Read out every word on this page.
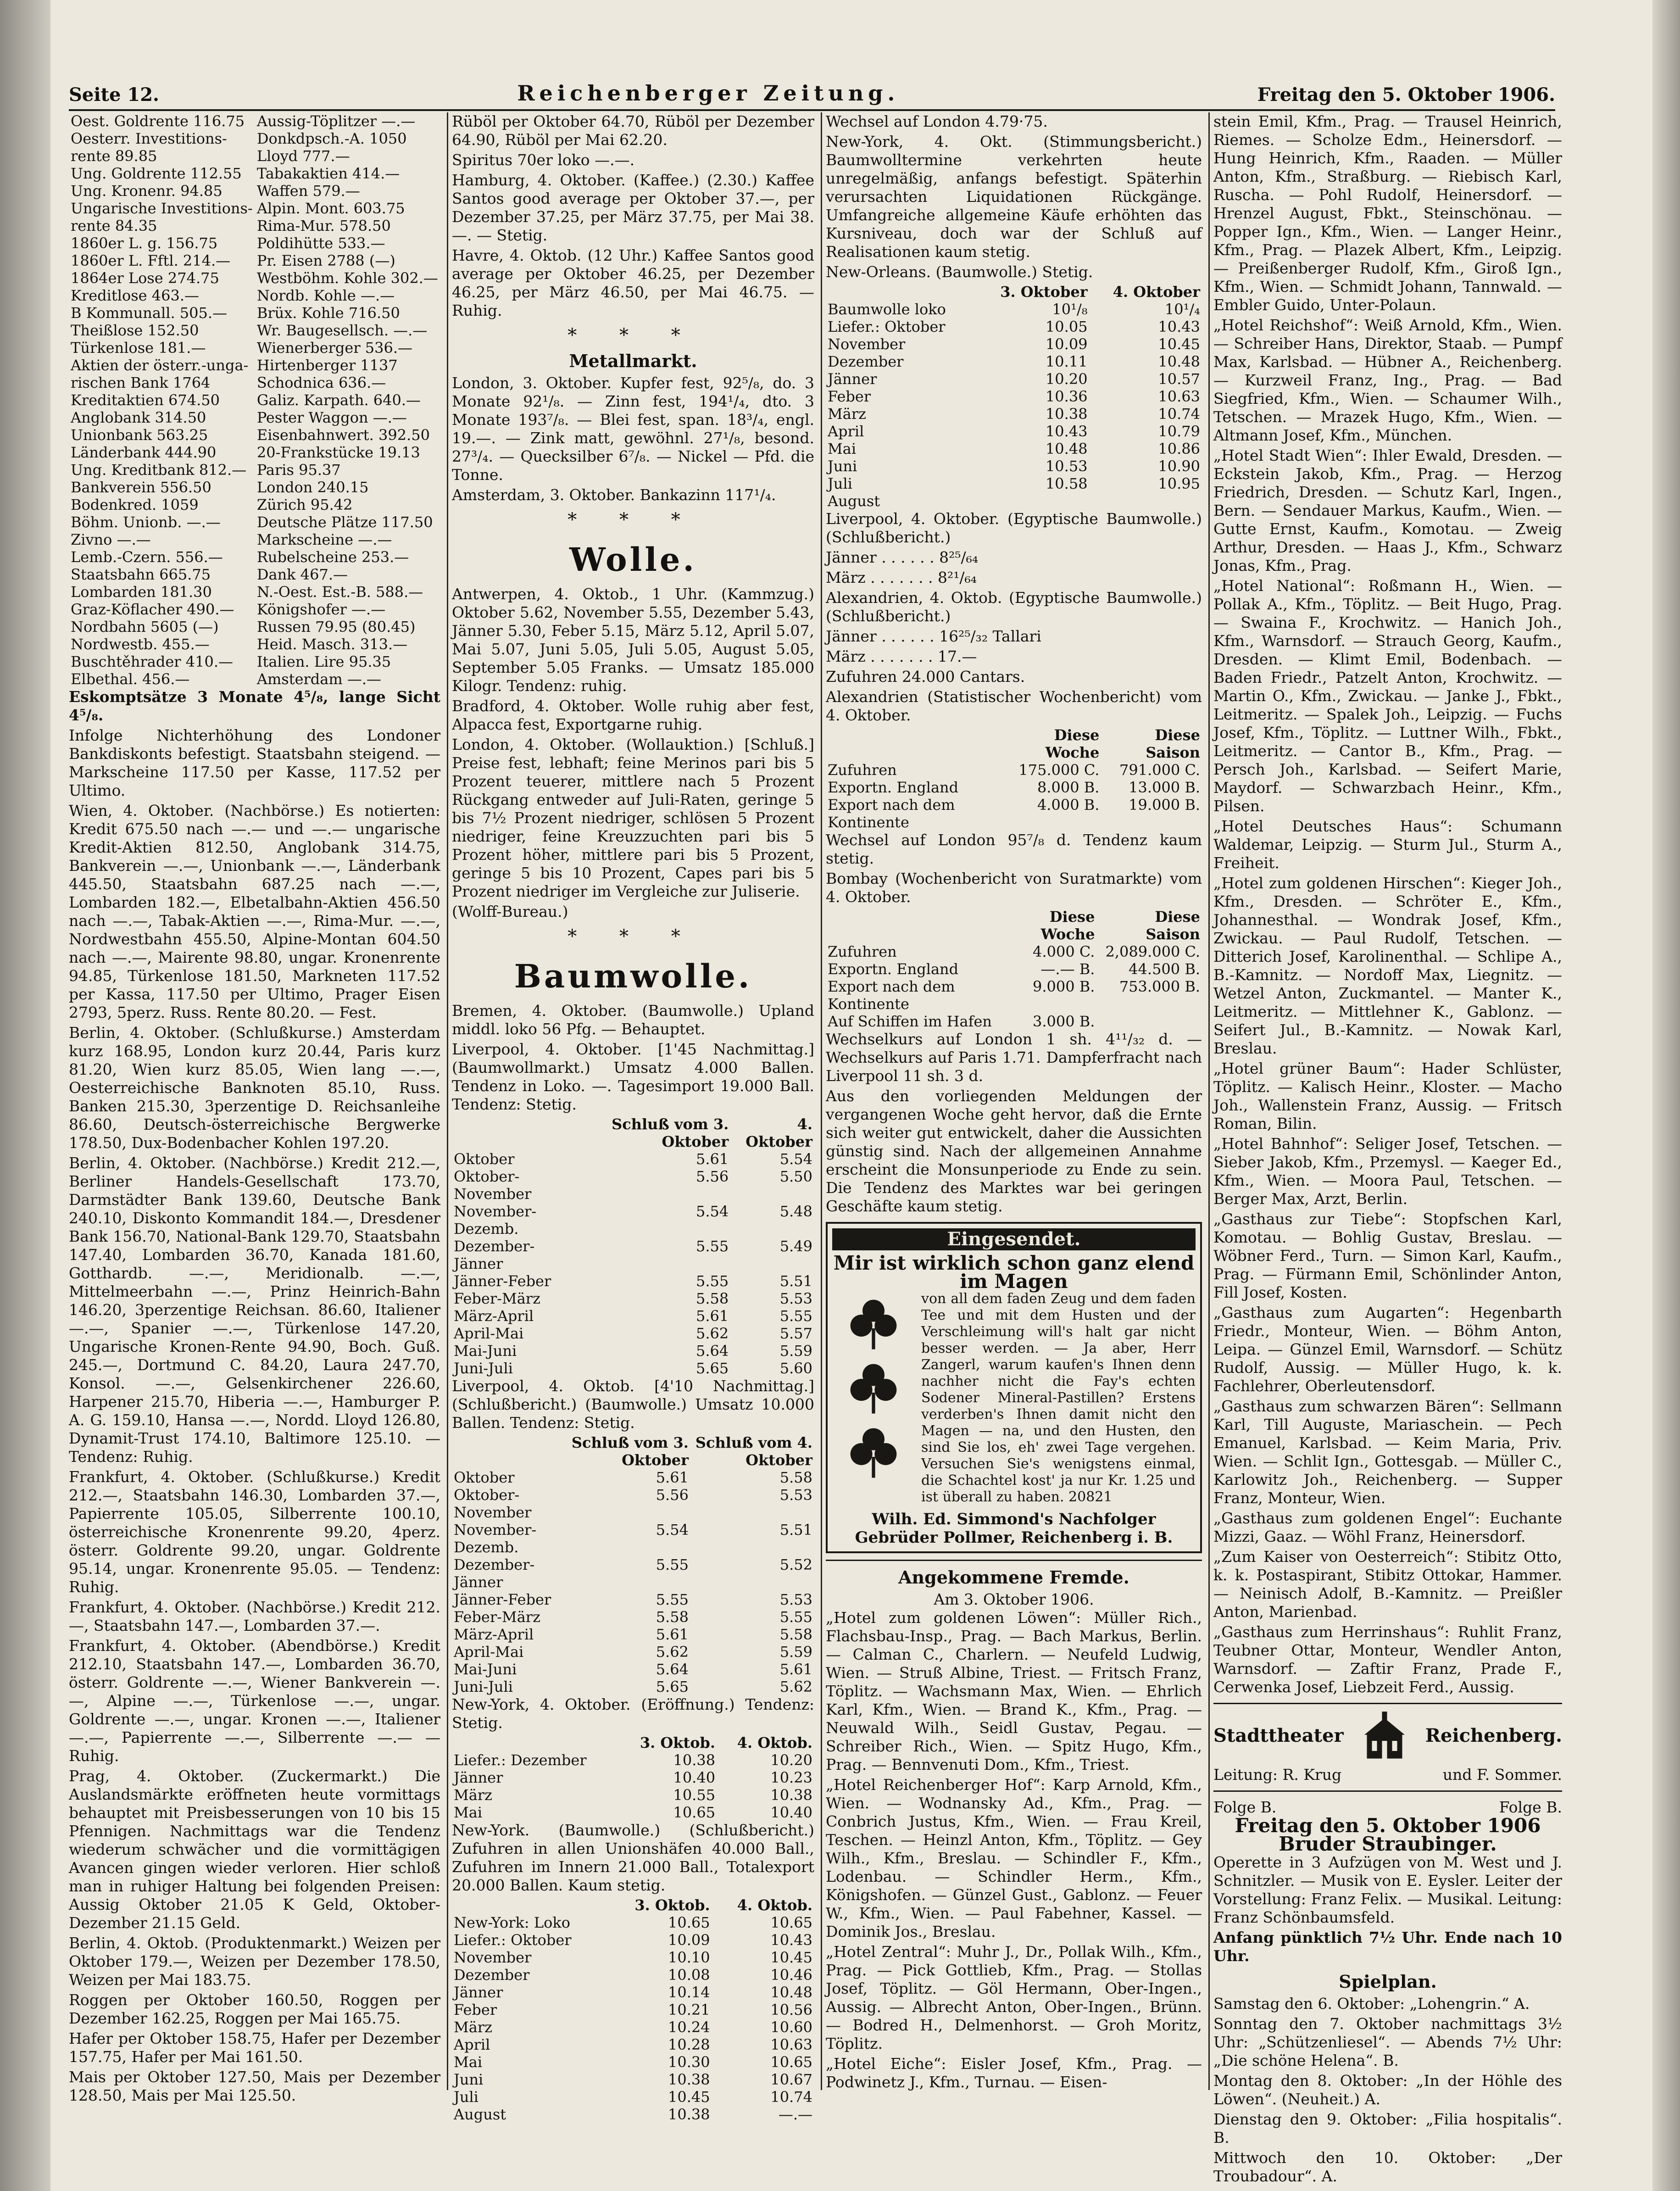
Seite 12.	Reichenberger Zeitung.	Freitag den 5. Oktober 1906.
Oest. Goldrente 116.75	Aussig-Töplitzer —.—
Oesterr. Investitions-	Donkdpsch.-A. 1050
rente 89.85	Lloyd 777.—
Ung. Goldrente 112.55	Tabakaktien 414.—
Ung. Kronenr. 94.85	Waffen 579.—
Ungarische Investitions-	Alpin. Mont. 603.75
rente 84.35	Rima-Mur. 578.50
1860er L. g. 156.75	Poldihütte 533.—
1860er L. Fftl. 214.—	Pr. Eisen 2788 (—)
1864er Lose 274.75	Westböhm. Kohle 302.—
Kreditlose 463.—	Nordb. Kohle —.—
B Kommunall. 505.—	Brüx. Kohle 716.50
Theißlose 152.50	Wr. Baugesellsch. —.—
Türkenlose 181.—	Wienerberger 536.—
Aktien der österr.-unga-	Hirtenberger 1137
rischen Bank 1764	Schodnica 636.—
Kreditaktien 674.50	Galiz. Karpath. 640.—
Anglobank 314.50	Pester Waggon —.—
Unionbank 563.25	Eisenbahnwert. 392.50
Länderbank 444.90	20-Frankstücke 19.13
Ung. Kreditbank 812.—	Paris 95.37
Bankverein 556.50	London 240.15
Bodenkred. 1059	Zürich 95.42
Böhm. Unionb. —.—	Deutsche Plätze 117.50
Zivno —.—	Markscheine —.—
Lemb.-Czern. 556.—	Rubelscheine 253.—
Staatsbahn 665.75	Dank 467.—
Lombarden 181.30	N.-Oest. Est.-B. 588.—
Graz-Köflacher 490.—	Königshofer —.—
Nordbahn 5605 (—)	Russen 79.95 (80.45)
Nordwestb. 455.—	Heid. Masch. 313.—
Buschtěhrader 410.—	Italien. Lire 95.35
Elbethal. 456.—	Amsterdam —.—

Eskomptsätze 3 Monate 4⁵/₈, lange Sicht 4⁵/₈.

Infolge Nichterhöhung des Londoner Bankdiskonts befestigt. Staatsbahn steigend. — Markscheine 117.50 per Kasse, 117.52 per Ultimo.

Wien, 4. Oktober. (Nachbörse.) Es notierten: Kredit 675.50 nach —.— und —.— ungarische Kredit-Aktien 812.50, Anglobank 314.75, Bankverein —.—, Unionbank —.—, Länderbank 445.50, Staatsbahn 687.25 nach —.—, Lombarden 182.—, Elbetalbahn-Aktien 456.50 nach —.—, Tabak-Aktien —.—, Rima-Mur. —.—, Nordwestbahn 455.50, Alpine-Montan 604.50 nach —.—, Mairente 98.80, ungar. Kronenrente 94.85, Türkenlose 181.50, Markneten 117.52 per Kassa, 117.50 per Ultimo, Prager Eisen 2793, 5perz. Russ. Rente 80.20. — Fest.

Berlin, 4. Oktober. (Schlußkurse.) Amsterdam kurz 168.95, London kurz 20.44, Paris kurz 81.20, Wien kurz 85.05, Wien lang —.—, Oesterreichische Banknoten 85.10, Russ. Banken 215.30, 3perzentige D. Reichsanleihe 86.60, Deutsch-österreichische Bergwerke 178.50, Dux-Bodenbacher Kohlen 197.20.

Berlin, 4. Oktober. (Nachbörse.) Kredit 212.—, Berliner Handels-Gesellschaft 173.70, Darmstädter Bank 139.60, Deutsche Bank 240.10, Diskonto Kommandit 184.—, Dresdener Bank 156.70, National-Bank 129.70, Staatsbahn 147.40, Lombarden 36.70, Kanada 181.60, Gotthardb. —.—, Meridionalb. —.—, Mittelmeerbahn —.—, Prinz Heinrich-Bahn 146.20, 3perzentige Reichsan. 86.60, Italiener —.—, Spanier —.—, Türkenlose 147.20, Ungarische Kronen-Rente 94.90, Boch. Guß. 245.—, Dortmund C. 84.20, Laura 247.70, Konsol. —.—, Gelsenkirchener 226.60, Harpener 215.70, Hiberia —.—, Hamburger P. A. G. 159.10, Hansa —.—, Nordd. Lloyd 126.80, Dynamit-Trust 174.10, Baltimore 125.10. — Tendenz: Ruhig.

Frankfurt, 4. Oktober. (Schlußkurse.) Kredit 212.—, Staatsbahn 146.30, Lombarden 37.—, Papierrente 105.05, Silberrente 100.10, österreichische Kronenrente 99.20, 4perz. österr. Goldrente 99.20, ungar. Goldrente 95.14, ungar. Kronenrente 95.05. — Tendenz: Ruhig.

Frankfurt, 4. Oktober. (Nachbörse.) Kredit 212.—, Staatsbahn 147.—, Lombarden 37.—.

Frankfurt, 4. Oktober. (Abendbörse.) Kredit 212.10, Staatsbahn 147.—, Lombarden 36.70, österr. Goldrente —.—, Wiener Bankverein —.—, Alpine —.—, Türkenlose —.—, ungar. Goldrente —.—, ungar. Kronen —.—, Italiener —.—, Papierrente —.—, Silberrente —.— — Ruhig.

Prag, 4. Oktober. (Zuckermarkt.) Die Auslandsmärkte eröffneten heute vormittags behauptet mit Preisbesserungen von 10 bis 15 Pfennigen. Nachmittags war die Tendenz wiederum schwächer und die vormittägigen Avancen gingen wieder verloren. Hier schloß man in ruhiger Haltung bei folgenden Preisen: Aussig Oktober 21.05 K Geld, Oktober-Dezember 21.15 Geld.

Berlin, 4. Oktob. (Produktenmarkt.) Weizen per Oktober 179.—, Weizen per Dezember 178.50, Weizen per Mai 183.75.

Roggen per Oktober 160.50, Roggen per Dezember 162.25, Roggen per Mai 165.75.

Hafer per Oktober 158.75, Hafer per Dezember 157.75, Hafer per Mai 161.50.

Mais per Oktober 127.50, Mais per Dezember 128.50, Mais per Mai 125.50.

Rüböl per Oktober 64.70, Rüböl per Dezember 64.90, Rüböl per Mai 62.20.

Spiritus 70er loko —.—.

Hamburg, 4. Oktober. (Kaffee.) (2.30.) Kaffee Santos good average per Oktober 37.—, per Dezember 37.25, per März 37.75, per Mai 38.—. — Stetig.

Havre, 4. Oktob. (12 Uhr.) Kaffee Santos good average per Oktober 46.25, per Dezember 46.25, per März 46.50, per Mai 46.75. — Ruhig.

* * *
Metallmarkt.

London, 3. Oktober. Kupfer fest, 92⁵/₈, do. 3 Monate 92¹/₈. — Zinn fest, 194¹/₄, dto. 3 Monate 193⁷/₈. — Blei fest, span. 18³/₄, engl. 19.—. — Zink matt, gewöhnl. 27¹/₈, besond. 27³/₄. — Quecksilber 6⁷/₈. — Nickel — Pfd. die Tonne.

Amsterdam, 3. Oktober. Bankazinn 117¹/₄.

* * *
Wolle.

Antwerpen, 4. Oktob., 1 Uhr. (Kammzug.) Oktober 5.62, November 5.55, Dezember 5.43, Jänner 5.30, Feber 5.15, März 5.12, April 5.07, Mai 5.07, Juni 5.05, Juli 5.05, August 5.05, September 5.05 Franks. — Umsatz 185.000 Kilogr. Tendenz: ruhig.

Bradford, 4. Oktober. Wolle ruhig aber fest, Alpacca fest, Exportgarne ruhig.

London, 4. Oktober. (Wollauktion.) [Schluß.] Preise fest, lebhaft; feine Merinos pari bis 5 Prozent teuerer, mittlere nach 5 Prozent Rückgang entweder auf Juli-Raten, geringe 5 bis 7½ Prozent niedriger, schlösen 5 Prozent niedriger, feine Kreuzzuchten pari bis 5 Prozent höher, mittlere pari bis 5 Prozent, geringe 5 bis 10 Prozent, Capes pari bis 5 Prozent niedriger im Vergleiche zur Juliserie.

(Wolff-Bureau.)

* * *
Baumwolle.

Bremen, 4. Oktober. (Baumwolle.) Upland middl. loko 56 Pfg. — Behauptet.

Liverpool, 4. Oktober. [1'45 Nachmittag.] (Baumwollmarkt.) Umsatz 4.000 Ballen. Tendenz in Loko. —. Tagesimport 19.000 Ball. Tendenz: Stetig.

	Schluß vom 3. Oktober	4. Oktober
Oktober	5.61	5.54
Oktober-November	5.56	5.50
November-Dezemb.	5.54	5.48
Dezember-Jänner	5.55	5.49
Jänner-Feber	5.55	5.51
Feber-März	5.58	5.53
März-April	5.61	5.55
April-Mai	5.62	5.57
Mai-Juni	5.64	5.59
Juni-Juli	5.65	5.60

Liverpool, 4. Oktob. [4'10 Nachmittag.] (Schlußbericht.) (Baumwolle.) Umsatz 10.000 Ballen. Tendenz: Stetig.

	Schluß vom 3. Oktober	Schluß vom 4. Oktober
Oktober	5.61	5.58
Oktober-November	5.56	5.53
November-Dezemb.	5.54	5.51
Dezember-Jänner	5.55	5.52
Jänner-Feber	5.55	5.53
Feber-März	5.58	5.55
März-April	5.61	5.58
April-Mai	5.62	5.59
Mai-Juni	5.64	5.61
Juni-Juli	5.65	5.62

New-York, 4. Oktober. (Eröffnung.) Tendenz: Stetig.

	3. Oktob.	4. Oktob.
Liefer.: Dezember	10.38	10.20
Jänner	10.40	10.23
März	10.55	10.38
Mai	10.65	10.40

New-York. (Baumwolle.) (Schlußbericht.) Zufuhren in allen Unionshäfen 40.000 Ball., Zufuhren im Innern 21.000 Ball., Totalexport 20.000 Ballen. Kaum stetig.

	3. Oktob.	4. Oktob.
New-York: Loko	10.65	10.65
Liefer.: Oktober	10.09	10.43
November	10.10	10.45
Dezember	10.08	10.46
Jänner	10.14	10.48
Feber	10.21	10.56
März	10.24	10.60
April	10.28	10.63
Mai	10.30	10.65
Juni	10.38	10.67
Juli	10.45	10.74
August	10.38	—.—

Wechsel auf London 4.79·75.

New-York, 4. Okt. (Stimmungsbericht.) Baumwollterminе verkehrten heute unregelmäßig, anfangs befestigt. Späterhin verursachten Liquidationen Rückgänge. Umfangreiche allgemeine Käufe erhöhten das Kursniveau, doch war der Schluß auf Realisationen kaum stetig.

New-Orleans. (Baumwolle.) Stetig.

	3. Oktober	4. Oktober
Baumwolle loko	10¹/₈	10¹/₄
Liefer.: Oktober	10.05	10.43
November	10.09	10.45
Dezember	10.11	10.48
Jänner	10.20	10.57
Feber	10.36	10.63
März	10.38	10.74
April	10.43	10.79
Mai	10.48	10.86
Juni	10.53	10.90
Juli	10.58	10.95
August		

Liverpool, 4. Oktober. (Egyptische Baumwolle.) (Schlußbericht.)

Jänner . . . . . . 8²⁵/₆₄

März . . . . . . . 8²¹/₆₄

Alexandrien, 4. Oktob. (Egyptische Baumwolle.) (Schlußbericht.)

Jänner . . . . . . 16²⁵/₃₂ Tallari

März . . . . . . . 17.—

Zufuhren 24.000 Cantars.

Alexandrien (Statistischer Wochenbericht) vom 4. Oktober.

	Diese Woche	Diese Saison
Zufuhren	175.000 C.	791.000 C.
Exportn. England	8.000 B.	13.000 B.
Export nach dem Kontinente	4.000 B.	19.000 B.

Wechsel auf London 95⁷/₈ d. Tendenz kaum stetig.

Bombay (Wochenbericht von Suratmarkte) vom 4. Oktober.

	Diese Woche	Diese Saison
Zufuhren	4.000 C.	2,089.000 C.
Exportn. England	—.— B.	44.500 B.
Export nach dem Kontinente	9.000 B.	753.000 B.
Auf Schiffen im Hafen	3.000 B.	

Wechselkurs auf London 1 sh. 4¹¹/₃₂ d. — Wechselkurs auf Paris 1.71. Dampferfracht nach Liverpool 11 sh. 3 d.

Aus den vorliegenden Meldungen der vergangenen Woche geht hervor, daß die Ernte sich weiter gut entwickelt, daher die Aussichten günstig sind. Nach der allgemeinen Annahme erscheint die Monsunperiode zu Ende zu sein. Die Tendenz des Marktes war bei geringen Geschäfte kaum stetig.

Eingesendet.
Mir ist wirklich schon ganz elend im Magen
von all dem faden Zeug und dem faden Tee und mit dem Husten und der Verschleimung will's halt gar nicht besser werden. — Ja aber, Herr Zangerl, warum kaufen's Ihnen denn nachher nicht die Fay's echten Sodener Mineral-Pastillen? Erstens verderben's Ihnen damit nicht den Magen — na, und den Husten, den sind Sie los, eh' zwei Tage vergehen. Versuchen Sie's wenigstens einmal, die Schachtel kost' ja nur Kr. 1.25 und ist überall zu haben. 20821
Wilh. Ed. Simmond's Nachfolger Gebrüder Pollmer, Reichenberg i. B.
Angekommene Fremde.
Am 3. Oktober 1906.

„Hotel zum goldenen Löwen“: Müller Rich., Flachsbau-Insp., Prag. — Bach Markus, Berlin. — Calman C., Charlern. — Neufeld Ludwig, Wien. — Struß Albine, Triest. — Fritsch Franz, Töplitz. — Wachsmann Max, Wien. — Ehrlich Karl, Kfm., Wien. — Brand K., Kfm., Prag. — Neuwald Wilh., Seidl Gustav, Pegau. — Schreiber Rich., Wien. — Spitz Hugo, Kfm., Prag. — Bennvenuti Dom., Kfm., Triest.

„Hotel Reichenberger Hof“: Karp Arnold, Kfm., Wien. — Wodnansky Ad., Kfm., Prag. — Conbrich Justus, Kfm., Wien. — Frau Kreil, Teschen. — Heinzl Anton, Kfm., Töplitz. — Gey Wilh., Kfm., Breslau. — Schindler F., Kfm., Lodenbau. — Schindler Herm., Kfm., Königshofen. — Günzel Gust., Gablonz. — Feuer W., Kfm., Wien. — Paul Fabehner, Kassel. — Dominik Jos., Breslau.

„Hotel Zentral“: Muhr J., Dr., Pollak Wilh., Kfm., Prag. — Pick Gottlieb, Kfm., Prag. — Stollas Josef, Töplitz. — Göl Hermann, Ober-Ingen., Aussig. — Albrecht Anton, Ober-Ingen., Brünn. — Bodred H., Delmenhorst. — Groh Moritz, Töplitz.

„Hotel Eiche“: Eisler Josef, Kfm., Prag. — Podwinetz J., Kfm., Turnau. — Eisen-

stein Emil, Kfm., Prag. — Trausel Heinrich, Riemes. — Scholze Edm., Heinersdorf. — Hung Heinrich, Kfm., Raaden. — Müller Anton, Kfm., Straßburg. — Riebisch Karl, Ruscha. — Pohl Rudolf, Heinersdorf. — Hrenzel August, Fbkt., Steinschönau. — Popper Ign., Kfm., Wien. — Langer Heinr., Kfm., Prag. — Plazek Albert, Kfm., Leipzig. — Preißenberger Rudolf, Kfm., Giroß Ign., Kfm., Wien. — Schmidt Johann, Tannwald. — Embler Guido, Unter-Polaun.

„Hotel Reichshof“: Weiß Arnold, Kfm., Wien. — Schreiber Hans, Direktor, Staab. — Pumpf Max, Karlsbad. — Hübner A., Reichenberg. — Kurzweil Franz, Ing., Prag. — Bad Siegfried, Kfm., Wien. — Schaumer Wilh., Tetschen. — Mrazek Hugo, Kfm., Wien. — Altmann Josef, Kfm., München.

„Hotel Stadt Wien“: Ihler Ewald, Dresden. — Eckstein Jakob, Kfm., Prag. — Herzog Friedrich, Dresden. — Schutz Karl, Ingen., Bern. — Sendauer Markus, Kaufm., Wien. — Gutte Ernst, Kaufm., Komotau. — Zweig Arthur, Dresden. — Haas J., Kfm., Schwarz Jonas, Kfm., Prag.

„Hotel National“: Roßmann H., Wien. — Pollak A., Kfm., Töplitz. — Beit Hugo, Prag. — Swaina F., Krochwitz. — Hanich Joh., Kfm., Warnsdorf. — Strauch Georg, Kaufm., Dresden. — Klimt Emil, Bodenbach. — Baden Friedr., Patzelt Anton, Krochwitz. — Martin O., Kfm., Zwickau. — Janke J., Fbkt., Leitmeritz. — Spalek Joh., Leipzig. — Fuchs Josef, Kfm., Töplitz. — Luttner Wilh., Fbkt., Leitmeritz. — Cantor B., Kfm., Prag. — Persch Joh., Karlsbad. — Seifert Marie, Maydorf. — Schwarzbach Heinr., Kfm., Pilsen.

„Hotel Deutsches Haus“: Schumann Waldemar, Leipzig. — Sturm Jul., Sturm A., Freiheit.

„Hotel zum goldenen Hirschen“: Kieger Joh., Kfm., Dresden. — Schröter E., Kfm., Johannesthal. — Wondrak Josef, Kfm., Zwickau. — Paul Rudolf, Tetschen. — Ditterich Josef, Karolinenthal. — Schlipe A., B.-Kamnitz. — Nordoff Max, Liegnitz. — Wetzel Anton, Zuckmantel. — Manter K., Leitmeritz. — Mittlehner K., Gablonz. — Seifert Jul., B.-Kamnitz. — Nowak Karl, Breslau.

„Hotel grüner Baum“: Hader Schlüster, Töplitz. — Kalisch Heinr., Kloster. — Macho Joh., Wallenstein Franz, Aussig. — Fritsch Roman, Bilin.

„Hotel Bahnhof“: Seliger Josef, Tetschen. — Sieber Jakob, Kfm., Przemysl. — Kaeger Ed., Kfm., Wien. — Moora Paul, Tetschen. — Berger Max, Arzt, Berlin.

„Gasthaus zur Tiebe“: Stopfschen Karl, Komotau. — Bohlig Gustav, Breslau. — Wöbner Ferd., Turn. — Simon Karl, Kaufm., Prag. — Fürmann Emil, Schönlinder Anton, Fill Josef, Kosten.

„Gasthaus zum Augarten“: Hegenbarth Friedr., Monteur, Wien. — Böhm Anton, Leipa. — Günzel Emil, Warnsdorf. — Schütz Rudolf, Aussig. — Müller Hugo, k. k. Fachlehrer, Oberleutensdorf.

„Gasthaus zum schwarzen Bären“: Sellmann Karl, Till Auguste, Mariaschein. — Pech Emanuel, Karlsbad. — Keim Maria, Priv. Wien. — Schlit Ign., Gottesgab. — Müller C., Karlowitz Joh., Reichenberg. — Supper Franz, Monteur, Wien.

„Gasthaus zum goldenen Engel“: Euchante Mizzi, Gaaz. — Wöhl Franz, Heinersdorf.

„Zum Kaiser von Oesterreich“: Stibitz Otto, k. k. Postaspirant, Stibitz Ottokar, Hammer. — Neinisch Adolf, B.-Kamnitz. — Preißler Anton, Marienbad.

„Gasthaus zum Herrinshaus“: Ruhlit Franz, Teubner Ottar, Monteur, Wendler Anton, Warnsdorf. — Zaftir Franz, Prade F., Cerwenka Josef, Liebzeit Ferd., Aussig.

Stadttheater	Reichenberg.
Leitung: R. Krug	und F. Sommer.
Folge B.	Folge B.
Freitag den 5. Oktober 1906
Bruder Straubinger.

Operette in 3 Aufzügen von M. West und J. Schnitzler. — Musik von E. Eysler. Leiter der Vorstellung: Franz Felix. — Musikal. Leitung: Franz Schönbaumsfeld.

Anfang pünktlich 7½ Uhr. Ende nach 10 Uhr.

Spielplan.

Samstag den 6. Oktober: „Lohengrin.“ A.

Sonntag den 7. Oktober nachmittags 3½ Uhr: „Schützenliesel“. — Abends 7½ Uhr: „Die schöne Helena“. B.

Montag den 8. Oktober: „In der Höhle des Löwen“. (Neuheit.) A.

Dienstag den 9. Oktober: „Filia hospitalis“. B.

Mittwoch den 10. Oktober: „Der Troubadour“. A.
